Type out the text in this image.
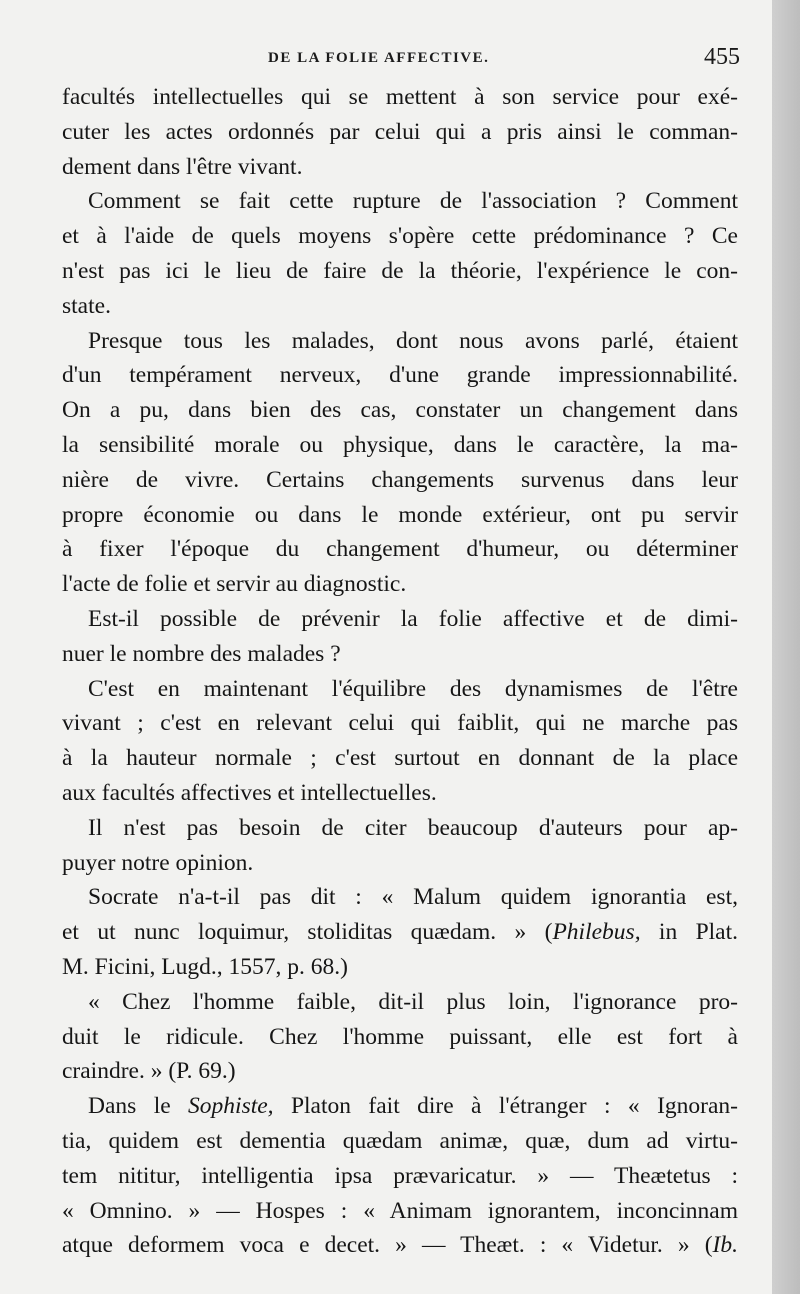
DE LA FOLIE AFFECTIVE.	455
facultés intellectuelles qui se mettent à son service pour exé-
cuter les actes ordonnés par celui qui a pris ainsi le comman-
dement dans l'être vivant.
Comment se fait cette rupture de l'association ? Comment
et à l'aide de quels moyens s'opère cette prédominance ? Ce
n'est pas ici le lieu de faire de la théorie, l'expérience le con-
state.
Presque tous les malades, dont nous avons parlé, étaient
d'un tempérament nerveux, d'une grande impressionnabilité.
On a pu, dans bien des cas, constater un changement dans
la sensibilité morale ou physique, dans le caractère, la ma-
nière de vivre. Certains changements survenus dans leur
propre économie ou dans le monde extérieur, ont pu servir
à fixer l'époque du changement d'humeur, ou déterminer
l'acte de folie et servir au diagnostic.
Est-il possible de prévenir la folie affective et de dimi-
nuer le nombre des malades ?
C'est en maintenant l'équilibre des dynamismes de l'être
vivant ; c'est en relevant celui qui faiblit, qui ne marche pas
à la hauteur normale ; c'est surtout en donnant de la place
aux facultés affectives et intellectuelles.
Il n'est pas besoin de citer beaucoup d'auteurs pour ap-
puyer notre opinion.
Socrate n'a-t-il pas dit : « Malum quidem ignorantia est,
et ut nunc loquimur, stoliditas quædam. » (Philebus, in Plat.
M. Ficini, Lugd., 1557, p. 68.)
« Chez l'homme faible, dit-il plus loin, l'ignorance pro-
duit le ridicule. Chez l'homme puissant, elle est fort à
craindre. » (P. 69.)
Dans le Sophiste, Platon fait dire à l'étranger : « Ignoran-
tia, quidem est dementia quædam animæ, quæ, dum ad virtu-
tem nititur, intelligentia ipsa prævaricatur. » — Theætetus :
« Omnino. » — Hospes : « Animam ignorantem, inconcinnam
atque deformem voca e decet. » — Theæt. : « Videtur. » (Ib.
